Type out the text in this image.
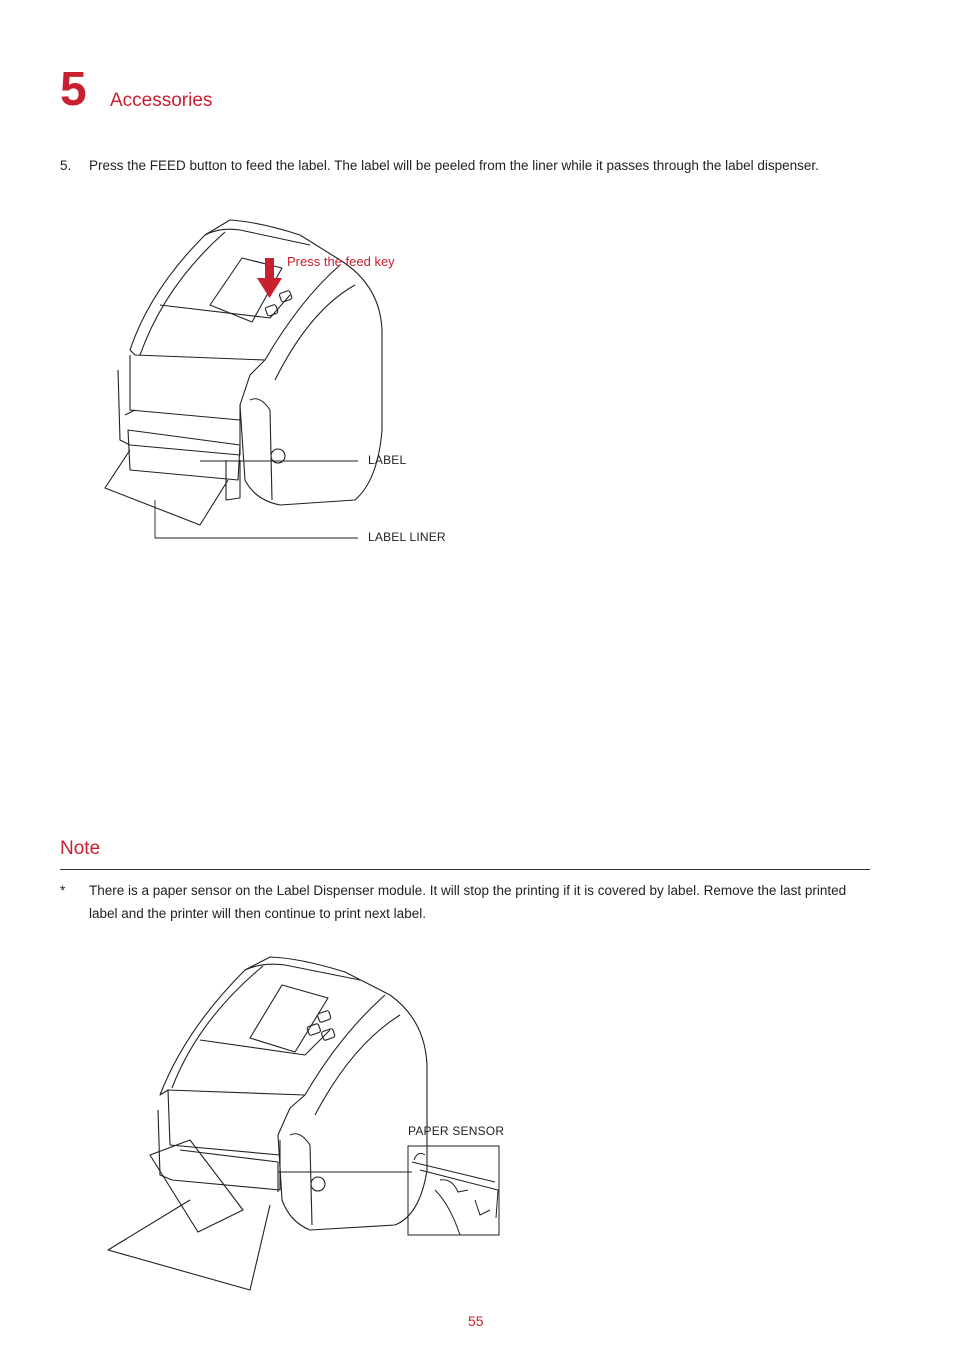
5 Accessories
5. Press the FEED button to feed the label. The label will be peeled from the liner while it passes through the label dispenser.
Press the feed key
LABEL
LABEL LINER
Note
* There is a paper sensor on the Label Dispenser module. It will stop the printing if it is covered by label. Remove the last printed label and the printer will then continue to print next label.
PAPER SENSOR
55
